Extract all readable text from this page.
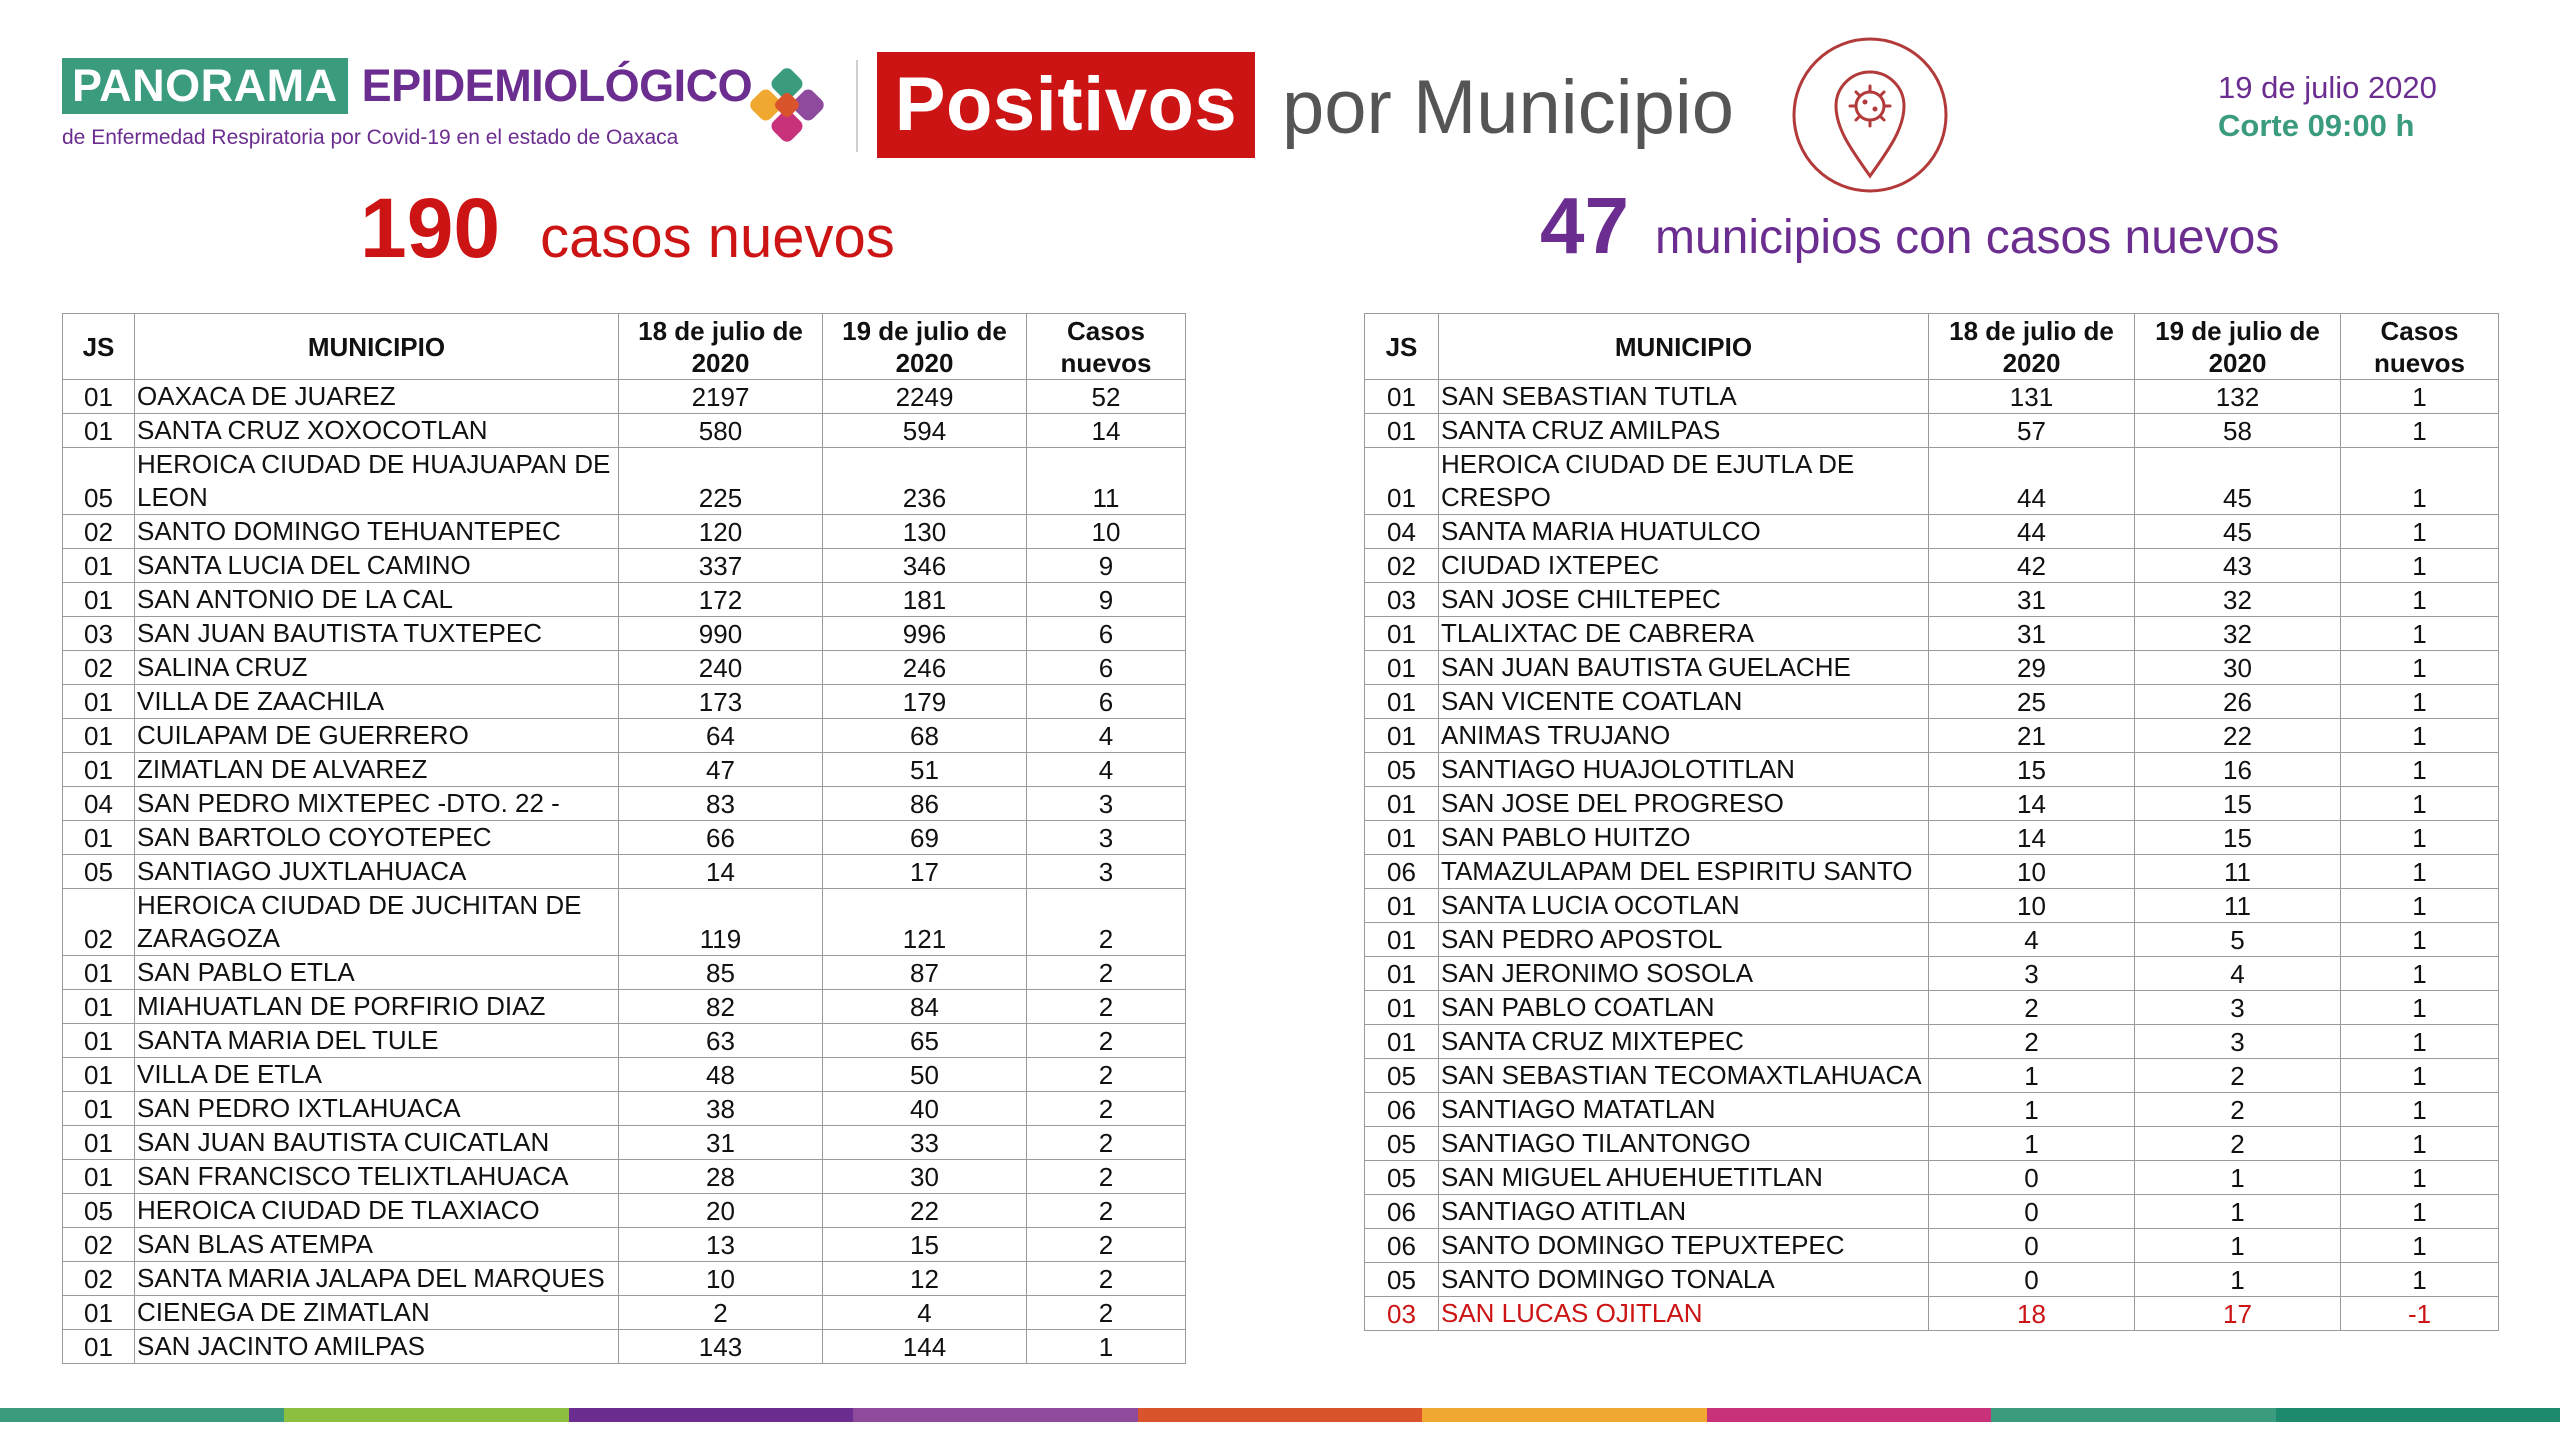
PANORAMA EPIDEMIOLÓGICO
de Enfermedad Respiratoria por Covid-19 en el estado de Oaxaca	Positivos por Municipio	19 de julio 2020
Corte 09:00 h
190 casos nuevos	47 municipios con casos nuevos
JS	MUNICIPIO	18 de julio de 2020	19 de julio de 2020	Casos nuevos
01	OAXACA DE JUAREZ	2197	2249	52
01	SANTA CRUZ XOXOCOTLAN	580	594	14
05	HEROICA CIUDAD DE HUAJUAPAN DE LEON	225	236	11
02	SANTO DOMINGO TEHUANTEPEC	120	130	10
01	SANTA LUCIA DEL CAMINO	337	346	9
01	SAN ANTONIO DE LA CAL	172	181	9
03	SAN JUAN BAUTISTA TUXTEPEC	990	996	6
02	SALINA CRUZ	240	246	6
01	VILLA DE ZAACHILA	173	179	6
01	CUILAPAM DE GUERRERO	64	68	4
01	ZIMATLAN DE ALVAREZ	47	51	4
04	SAN PEDRO MIXTEPEC -DTO. 22 -	83	86	3
01	SAN BARTOLO COYOTEPEC	66	69	3
05	SANTIAGO JUXTLAHUACA	14	17	3
02	HEROICA CIUDAD DE JUCHITAN DE ZARAGOZA	119	121	2
01	SAN PABLO ETLA	85	87	2
01	MIAHUATLAN DE PORFIRIO DIAZ	82	84	2
01	SANTA MARIA DEL TULE	63	65	2
01	VILLA DE ETLA	48	50	2
01	SAN PEDRO IXTLAHUACA	38	40	2
01	SAN JUAN BAUTISTA CUICATLAN	31	33	2
01	SAN FRANCISCO TELIXTLAHUACA	28	30	2
05	HEROICA CIUDAD DE TLAXIACO	20	22	2
02	SAN BLAS ATEMPA	13	15	2
02	SANTA MARIA JALAPA DEL MARQUES	10	12	2
01	CIENEGA DE ZIMATLAN	2	4	2
01	SAN JACINTO AMILPAS	143	144	1
JS	MUNICIPIO	18 de julio de 2020	19 de julio de 2020	Casos nuevos
01	SAN SEBASTIAN TUTLA	131	132	1
01	SANTA CRUZ AMILPAS	57	58	1
01	HEROICA CIUDAD DE EJUTLA DE CRESPO	44	45	1
04	SANTA MARIA HUATULCO	44	45	1
02	CIUDAD IXTEPEC	42	43	1
03	SAN JOSE CHILTEPEC	31	32	1
01	TLALIXTAC DE CABRERA	31	32	1
01	SAN JUAN BAUTISTA GUELACHE	29	30	1
01	SAN VICENTE COATLAN	25	26	1
01	ANIMAS TRUJANO	21	22	1
05	SANTIAGO HUAJOLOTITLAN	15	16	1
01	SAN JOSE DEL PROGRESO	14	15	1
01	SAN PABLO HUITZO	14	15	1
06	TAMAZULAPAM DEL ESPIRITU SANTO	10	11	1
01	SANTA LUCIA OCOTLAN	10	11	1
01	SAN PEDRO APOSTOL	4	5	1
01	SAN JERONIMO SOSOLA	3	4	1
01	SAN PABLO COATLAN	2	3	1
01	SANTA CRUZ MIXTEPEC	2	3	1
05	SAN SEBASTIAN TECOMAXTLAHUACA	1	2	1
06	SANTIAGO MATATLAN	1	2	1
05	SANTIAGO TILANTONGO	1	2	1
05	SAN MIGUEL AHUEHUETITLAN	0	1	1
06	SANTIAGO ATITLAN	0	1	1
06	SANTO DOMINGO TEPUXTEPEC	0	1	1
05	SANTO DOMINGO TONALA	0	1	1
03	SAN LUCAS OJITLAN	18	17	-1
